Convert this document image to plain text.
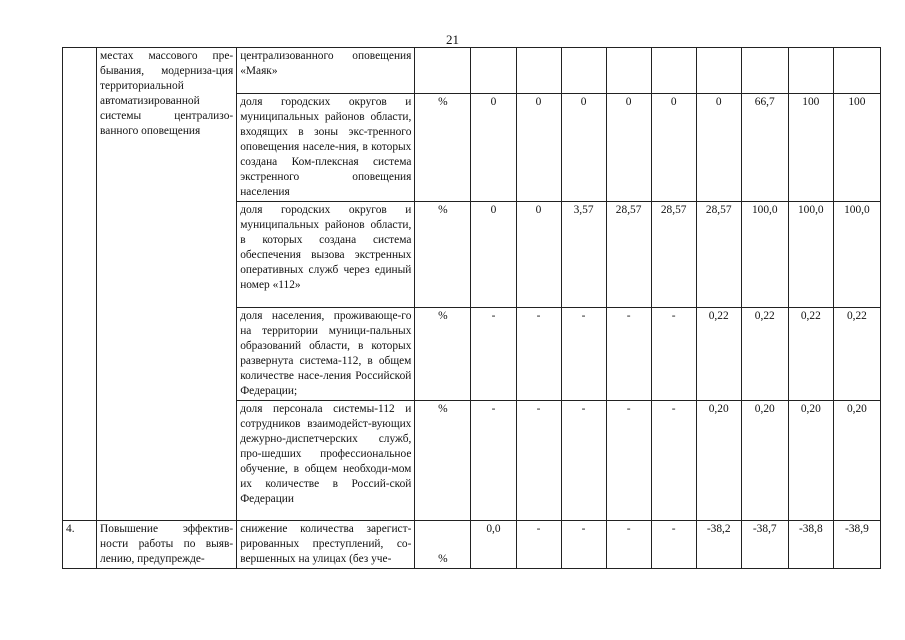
21
	местах массового пре-бывания, модерниза-ция территориальной автоматизированной системы централизо-ванного оповещения	централизованного оповещения «Маяк»										
		доля городских округов и муниципальных районов области, входящих в зоны экс-тренного оповещения населе-ния, в которых создана Ком-плексная система экстренного оповещения населения	%	0	0	0	0	0	0	66,7	100	100
		доля городских округов и муниципальных районов области, в которых создана система обеспечения вызова экстренных оперативных служб через единый номер «112»	%	0	0	3,57	28,57	28,57	28,57	100,0	100,0	100,0
		доля населения, проживающе-го на территории муници-пальных образований области, в которых развернута система-112, в общем количестве насе-ления Российской Федерации;	%	-	-	-	-	-	0,22	0,22	0,22	0,22
		доля персонала системы-112 и сотрудников взаимодейст-вующих дежурно-диспетчерских служб, про-шедших профессиональное обучение, в общем необходи-мом их количестве в Россий-ской Федерации	%	-	-	-	-	-	0,20	0,20	0,20	0,20
4.	Повышение эффектив-ности работы по выяв-лению, предупрежде-	снижение количества зарегист-рированных преступлений, со-вершенных на улицах (без уче-	%	0,0	-	-	-	-	-38,2	-38,7	-38,8	-38,9
